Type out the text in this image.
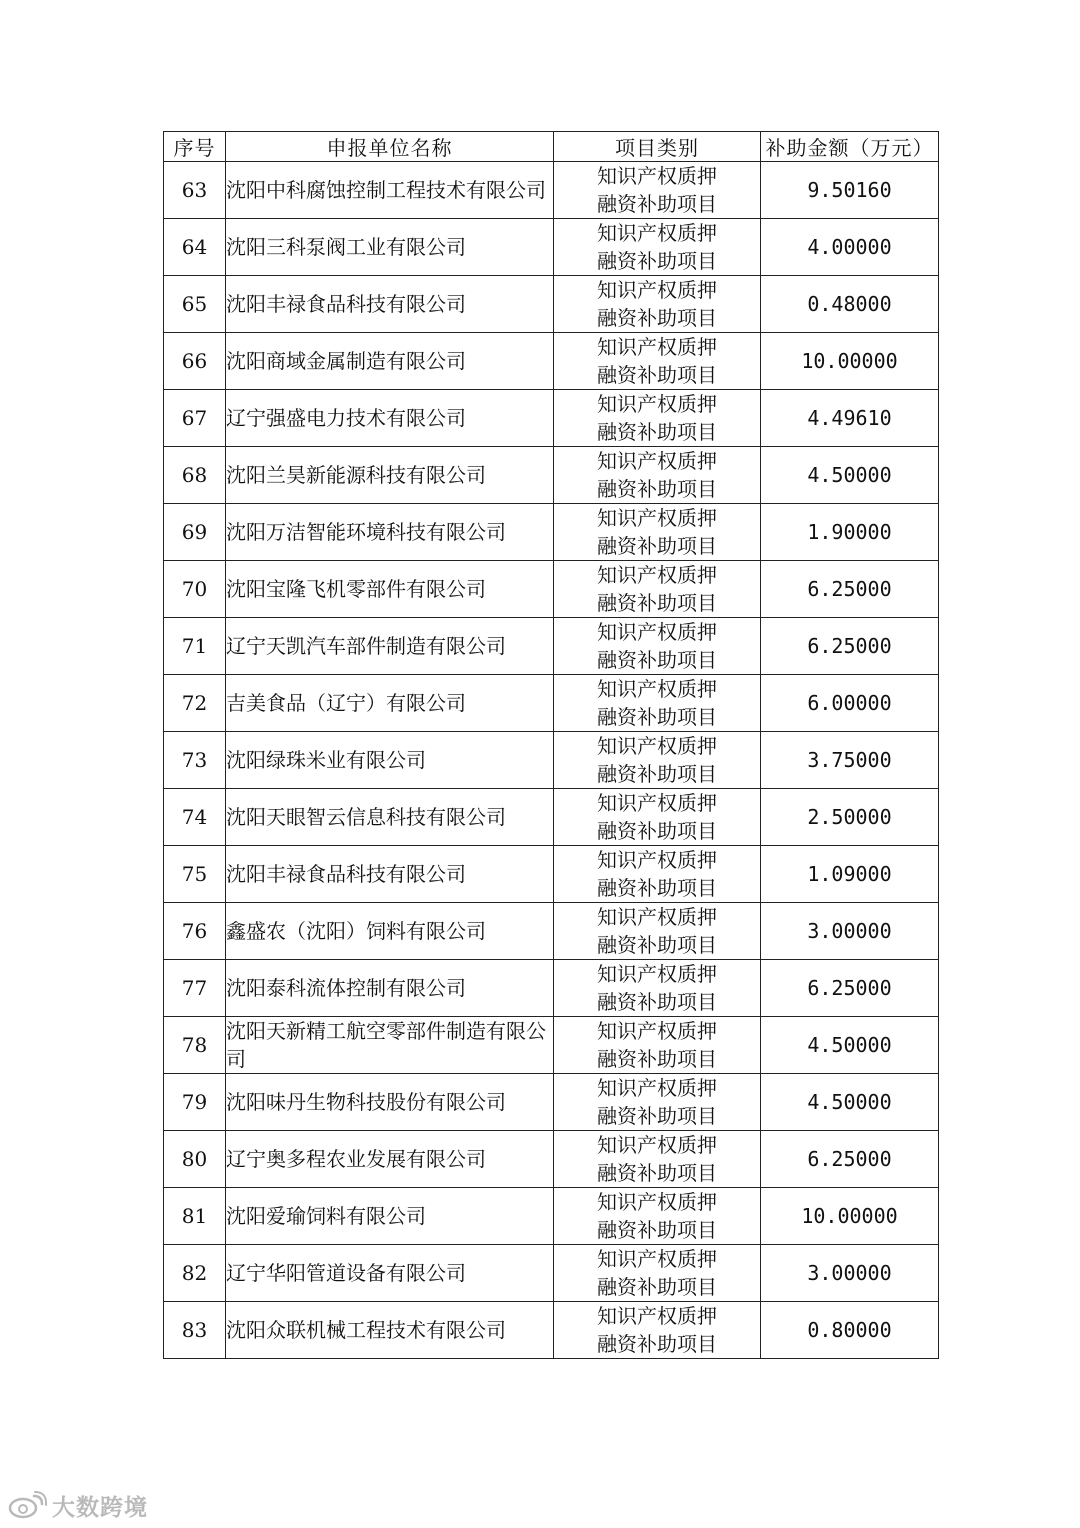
序号	申报单位名称	项目类别	补助金额（万元）
63	沈阳中科腐蚀控制工程技术有限公司	知识产权质押
融资补助项目	9.50160
64	沈阳三科泵阀工业有限公司	知识产权质押
融资补助项目	4.00000
65	沈阳丰禄食品科技有限公司	知识产权质押
融资补助项目	0.48000
66	沈阳商域金属制造有限公司	知识产权质押
融资补助项目	10.00000
67	辽宁强盛电力技术有限公司	知识产权质押
融资补助项目	4.49610
68	沈阳兰昊新能源科技有限公司	知识产权质押
融资补助项目	4.50000
69	沈阳万洁智能环境科技有限公司	知识产权质押
融资补助项目	1.90000
70	沈阳宝隆飞机零部件有限公司	知识产权质押
融资补助项目	6.25000
71	辽宁天凯汽车部件制造有限公司	知识产权质押
融资补助项目	6.25000
72	吉美食品（辽宁）有限公司	知识产权质押
融资补助项目	6.00000
73	沈阳绿珠米业有限公司	知识产权质押
融资补助项目	3.75000
74	沈阳天眼智云信息科技有限公司	知识产权质押
融资补助项目	2.50000
75	沈阳丰禄食品科技有限公司	知识产权质押
融资补助项目	1.09000
76	鑫盛农（沈阳）饲料有限公司	知识产权质押
融资补助项目	3.00000
77	沈阳泰科流体控制有限公司	知识产权质押
融资补助项目	6.25000
78	沈阳天新精工航空零部件制造有限公司	知识产权质押
融资补助项目	4.50000
79	沈阳味丹生物科技股份有限公司	知识产权质押
融资补助项目	4.50000
80	辽宁奥多程农业发展有限公司	知识产权质押
融资补助项目	6.25000
81	沈阳爱瑜饲料有限公司	知识产权质押
融资补助项目	10.00000
82	辽宁华阳管道设备有限公司	知识产权质押
融资补助项目	3.00000
83	沈阳众联机械工程技术有限公司	知识产权质押
融资补助项目	0.80000
大数跨境
